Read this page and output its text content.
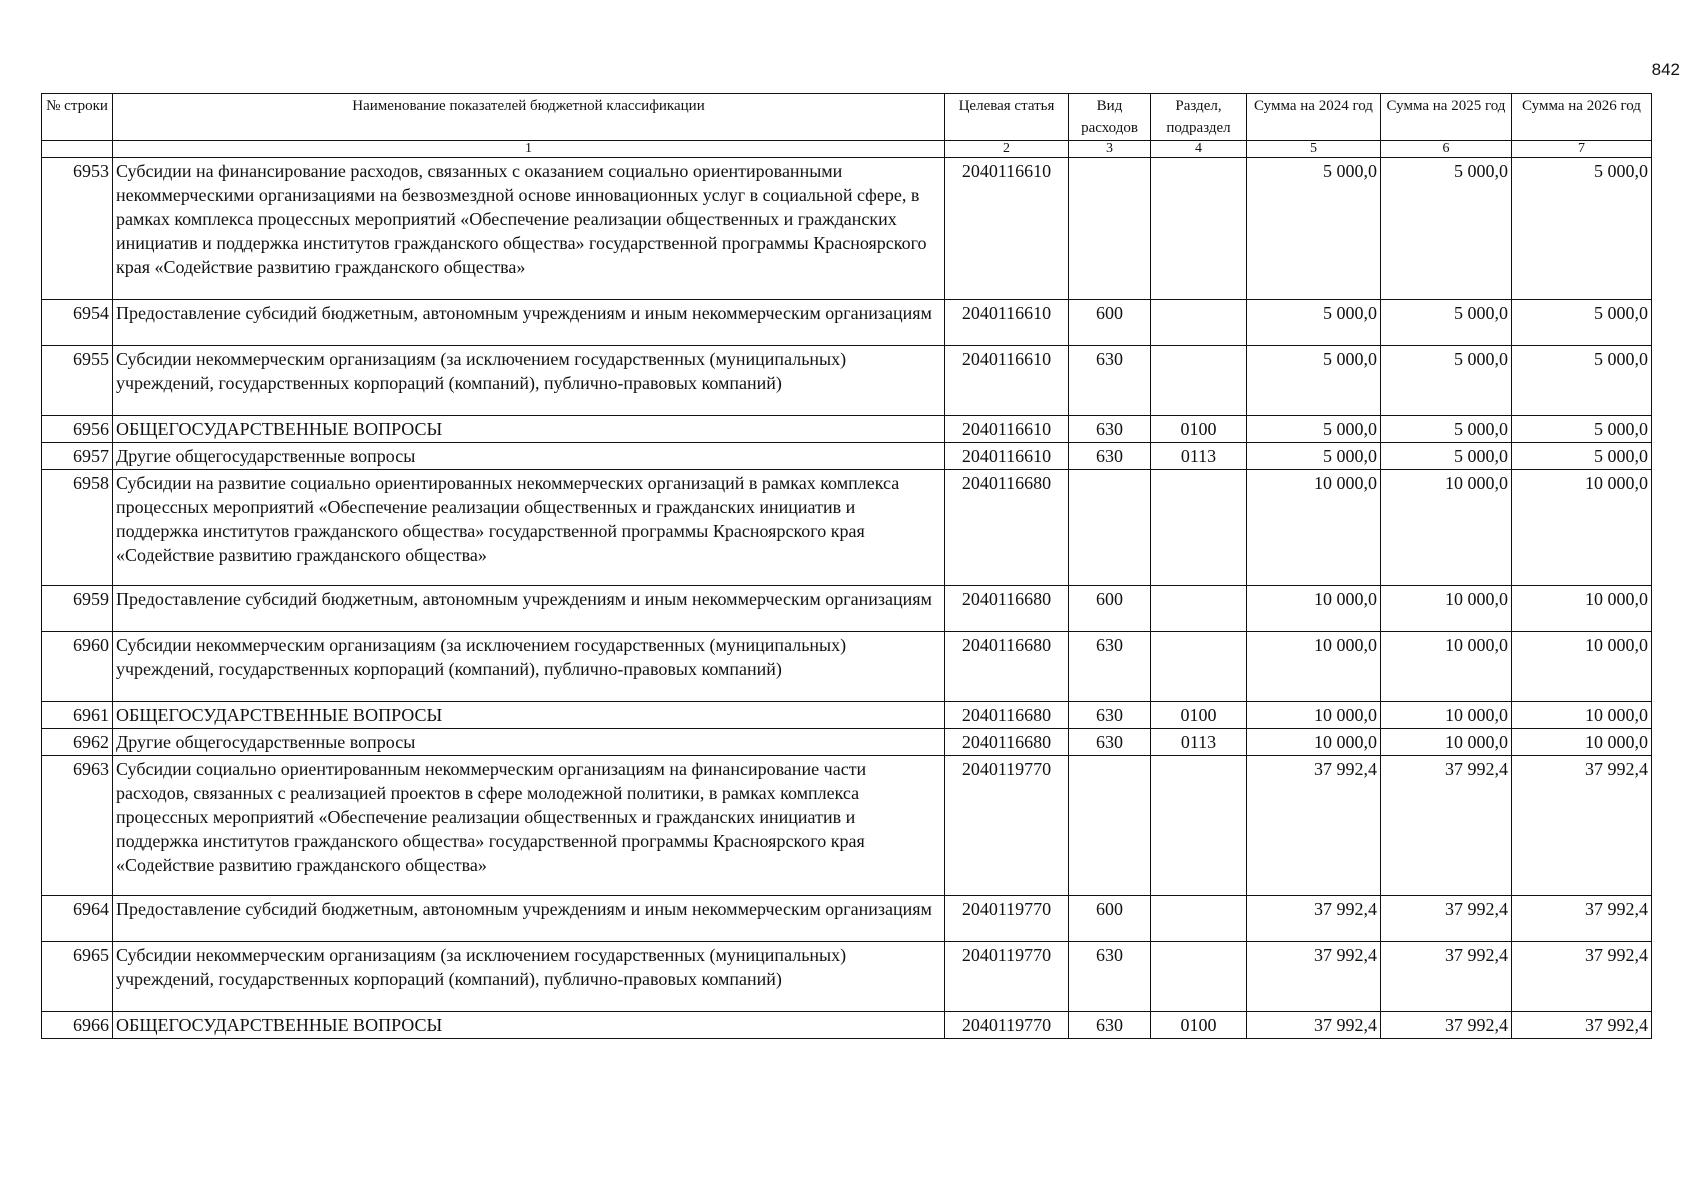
842
№ строки	Наименование показателей бюджетной классификации	Целевая статья	Вид расходов	Раздел, подраздел	Сумма на 2024 год	Сумма на 2025 год	Сумма на 2026 год
	1	2	3	4	5	6	7
6953	Субсидии на финансирование расходов, связанных с оказанием социально ориентированными некоммерческими организациями на безвозмездной основе инновационных услуг в социальной сфере, в рамках комплекса процессных мероприятий «Обеспечение реализации общественных и гражданских инициатив и поддержка институтов гражданского общества» государственной программы Красноярского края «Содействие развитию гражданского общества»	2040116610			5 000,0	5 000,0	5 000,0
6954	Предоставление субсидий бюджетным, автономным учреждениям и иным некоммерческим организациям	2040116610	600		5 000,0	5 000,0	5 000,0
6955	Субсидии некоммерческим организациям (за исключением государственных (муниципальных) учреждений, государственных корпораций (компаний), публично-правовых компаний)	2040116610	630		5 000,0	5 000,0	5 000,0
6956	ОБЩЕГОСУДАРСТВЕННЫЕ ВОПРОСЫ	2040116610	630	0100	5 000,0	5 000,0	5 000,0
6957	Другие общегосударственные вопросы	2040116610	630	0113	5 000,0	5 000,0	5 000,0
6958	Субсидии на развитие социально ориентированных некоммерческих организаций в рамках комплекса процессных мероприятий «Обеспечение реализации общественных и гражданских инициатив и поддержка институтов гражданского общества» государственной программы Красноярского края «Содействие развитию гражданского общества»	2040116680			10 000,0	10 000,0	10 000,0
6959	Предоставление субсидий бюджетным, автономным учреждениям и иным некоммерческим организациям	2040116680	600		10 000,0	10 000,0	10 000,0
6960	Субсидии некоммерческим организациям (за исключением государственных (муниципальных) учреждений, государственных корпораций (компаний), публично-правовых компаний)	2040116680	630		10 000,0	10 000,0	10 000,0
6961	ОБЩЕГОСУДАРСТВЕННЫЕ ВОПРОСЫ	2040116680	630	0100	10 000,0	10 000,0	10 000,0
6962	Другие общегосударственные вопросы	2040116680	630	0113	10 000,0	10 000,0	10 000,0
6963	Субсидии социально ориентированным некоммерческим организациям на финансирование части расходов, связанных с реализацией проектов в сфере молодежной политики, в рамках комплекса процессных мероприятий «Обеспечение реализации общественных и гражданских инициатив и поддержка институтов гражданского общества» государственной программы Красноярского края «Содействие развитию гражданского общества»	2040119770			37 992,4	37 992,4	37 992,4
6964	Предоставление субсидий бюджетным, автономным учреждениям и иным некоммерческим организациям	2040119770	600		37 992,4	37 992,4	37 992,4
6965	Субсидии некоммерческим организациям (за исключением государственных (муниципальных) учреждений, государственных корпораций (компаний), публично-правовых компаний)	2040119770	630		37 992,4	37 992,4	37 992,4
6966	ОБЩЕГОСУДАРСТВЕННЫЕ ВОПРОСЫ	2040119770	630	0100	37 992,4	37 992,4	37 992,4
